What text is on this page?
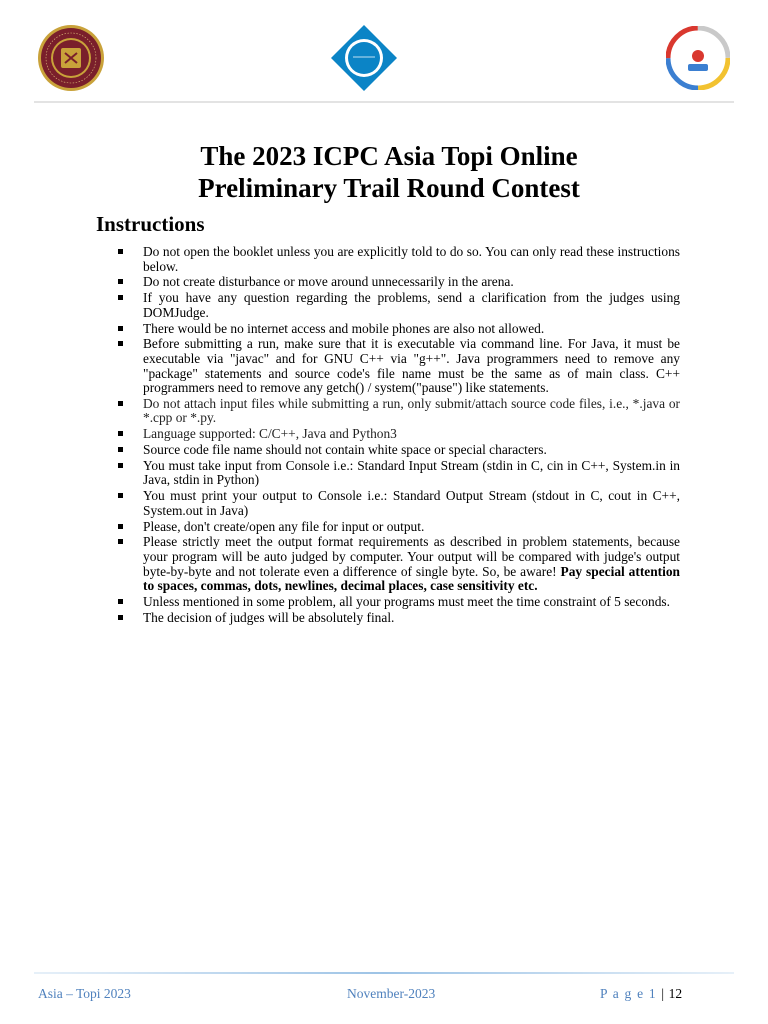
The 2023 ICPC Asia Topi Online
Preliminary Trail Round Contest
Instructions
Do not open the booklet unless you are explicitly told to do so. You can only read these instructions below.
Do not create disturbance or move around unnecessarily in the arena.
If you have any question regarding the problems, send a clarification from the judges using DOMJudge.
There would be no internet access and mobile phones are also not allowed.
Before submitting a run, make sure that it is executable via command line. For Java, it must be executable via "javac" and for GNU C++ via "g++". Java programmers need to remove any "package" statements and source code's file name must be the same as of main class. C++ programmers need to remove any getch() / system("pause") like statements.
Do not attach input files while submitting a run, only submit/attach source code files, i.e., *.java or *.cpp or *.py.
Language supported: C/C++, Java and Python3
Source code file name should not contain white space or special characters.
You must take input from Console i.e.: Standard Input Stream (stdin in C, cin in C++, System.in in Java, stdin in Python)
You must print your output to Console i.e.: Standard Output Stream (stdout in C, cout in C++, System.out in Java)
Please, don't create/open any file for input or output.
Please strictly meet the output format requirements as described in problem statements, because your program will be auto judged by computer. Your output will be compared with judge's output byte-by-byte and not tolerate even a difference of single byte. So, be aware! Pay special attention to spaces, commas, dots, newlines, decimal places, case sensitivity etc.
Unless mentioned in some problem, all your programs must meet the time constraint of 5 seconds.
The decision of judges will be absolutely final.
Asia – Topi 2023	November-2023	P a g e 1 | 12
